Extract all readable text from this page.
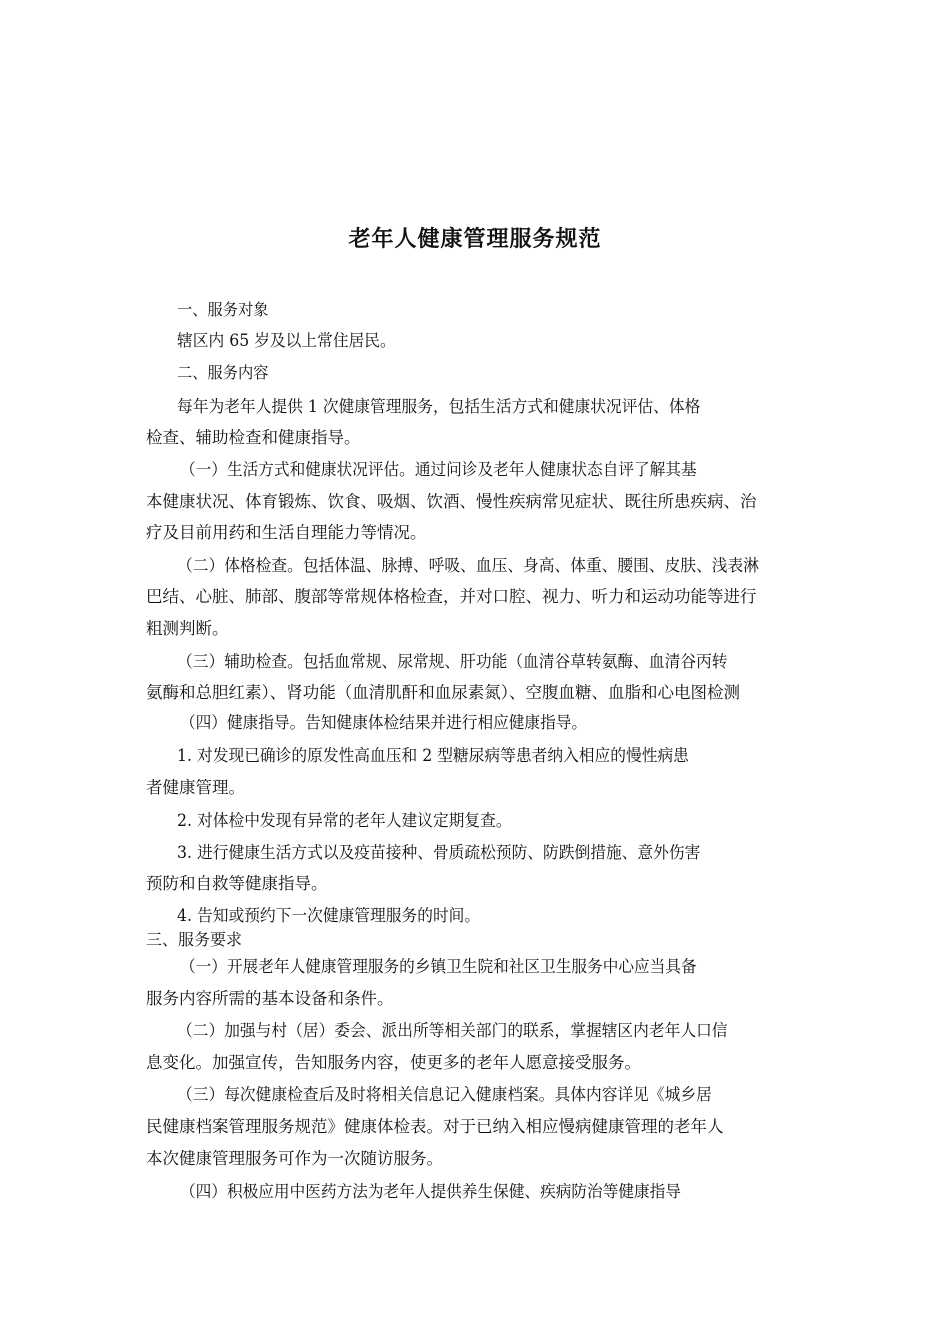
老年人健康管理服务规范
一、服务对象
辖区内 65 岁及以上常住居民。
二、服务内容
每年为老年人提供 1 次健康管理服务，包括生活方式和健康状况评估、体格
检查、辅助检查和健康指导。
（一）生活方式和健康状况评估。通过问诊及老年人健康状态自评了解其基
本健康状况、体育锻炼、饮食、吸烟、饮酒、慢性疾病常见症状、既往所患疾病、治
疗及目前用药和生活自理能力等情况。
（二）体格检查。包括体温、脉搏、呼吸、血压、身高、体重、腰围、皮肤、浅表淋
巴结、心脏、肺部、腹部等常规体格检查，并对口腔、视力、听力和运动功能等进行
粗测判断。
（三）辅助检查。包括血常规、尿常规、肝功能（血清谷草转氨酶、血清谷丙转
氨酶和总胆红素）、肾功能（血清肌酐和血尿素氮）、空腹血糖、血脂和心电图检测
（四）健康指导。告知健康体检结果并进行相应健康指导。
1. 对发现已确诊的原发性高血压和 2 型糖尿病等患者纳入相应的慢性病患
者健康管理。
2. 对体检中发现有异常的老年人建议定期复查。
3. 进行健康生活方式以及疫苗接种、骨质疏松预防、防跌倒措施、意外伤害
预防和自救等健康指导。
4. 告知或预约下一次健康管理服务的时间。
三、服务要求
（一）开展老年人健康管理服务的乡镇卫生院和社区卫生服务中心应当具备
服务内容所需的基本设备和条件。
（二）加强与村（居）委会、派出所等相关部门的联系，掌握辖区内老年人口信
息变化。加强宣传，告知服务内容，使更多的老年人愿意接受服务。
（三）每次健康检查后及时将相关信息记入健康档案。具体内容详见《城乡居
民健康档案管理服务规范》健康体检表。对于已纳入相应慢病健康管理的老年人
本次健康管理服务可作为一次随访服务。
（四）积极应用中医药方法为老年人提供养生保健、疾病防治等健康指导
